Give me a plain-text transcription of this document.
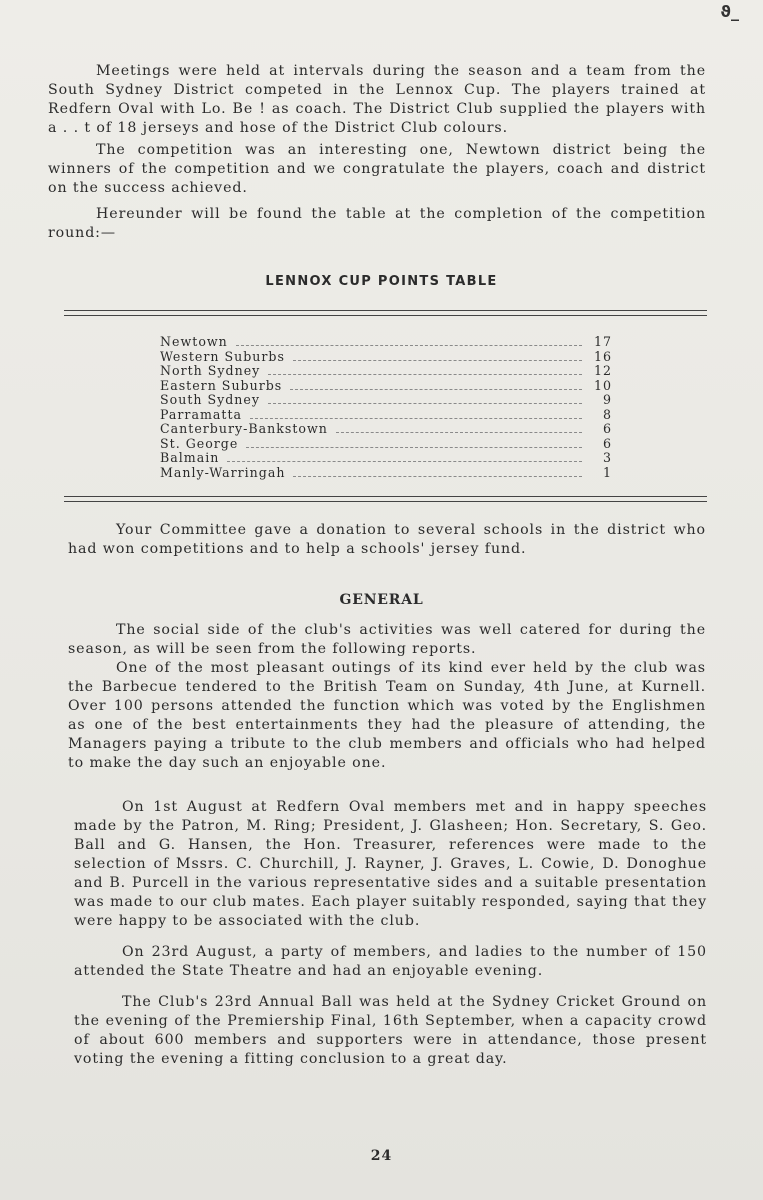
ϑ_

Meetings were held at intervals during the season and a team from the South Sydney District competed in the Lennox Cup. The players trained at Redfern Oval with Lo. Be ! as coach. The District Club supplied the players with a . . t of 18 jerseys and hose of the District Club colours.

The competition was an interesting one, Newtown district being the winners of the competition and we congratulate the players, coach and district on the success achieved.

Hereunder will be found the table at the completion of the competition round:—

LENNOX CUP POINTS TABLE
Newtown	17
Western Suburbs	16
North Sydney	12
Eastern Suburbs	10
South Sydney	9
Parramatta	8
Canterbury-Bankstown	6
St. George	6
Balmain	3
Manly-Warringah	1

Your Committee gave a donation to several schools in the district who had won competitions and to help a schools' jersey fund.

GENERAL

The social side of the club's activities was well catered for during the season, as will be seen from the following reports.

One of the most pleasant outings of its kind ever held by the club was the Barbecue tendered to the British Team on Sunday, 4th June, at Kurnell. Over 100 persons attended the function which was voted by the Englishmen as one of the best entertainments they had the pleasure of attending, the Managers paying a tribute to the club members and officials who had helped to make the day such an enjoyable one.

On 1st August at Redfern Oval members met and in happy speeches made by the Patron, M. Ring; President, J. Glasheen; Hon. Secretary, S. Geo. Ball and G. Hansen, the Hon. Treasurer, references were made to the selection of Mssrs. C. Churchill, J. Rayner, J. Graves, L. Cowie, D. Donoghue and B. Purcell in the various representative sides and a suitable presentation was made to our club mates. Each player suitably responded, saying that they were happy to be associated with the club.

On 23rd August, a party of members, and ladies to the number of 150 attended the State Theatre and had an enjoyable evening.

The Club's 23rd Annual Ball was held at the Sydney Cricket Ground on the evening of the Premiership Final, 16th September, when a capacity crowd of about 600 members and supporters were in attendance, those present voting the evening a fitting conclusion to a great day.

24
